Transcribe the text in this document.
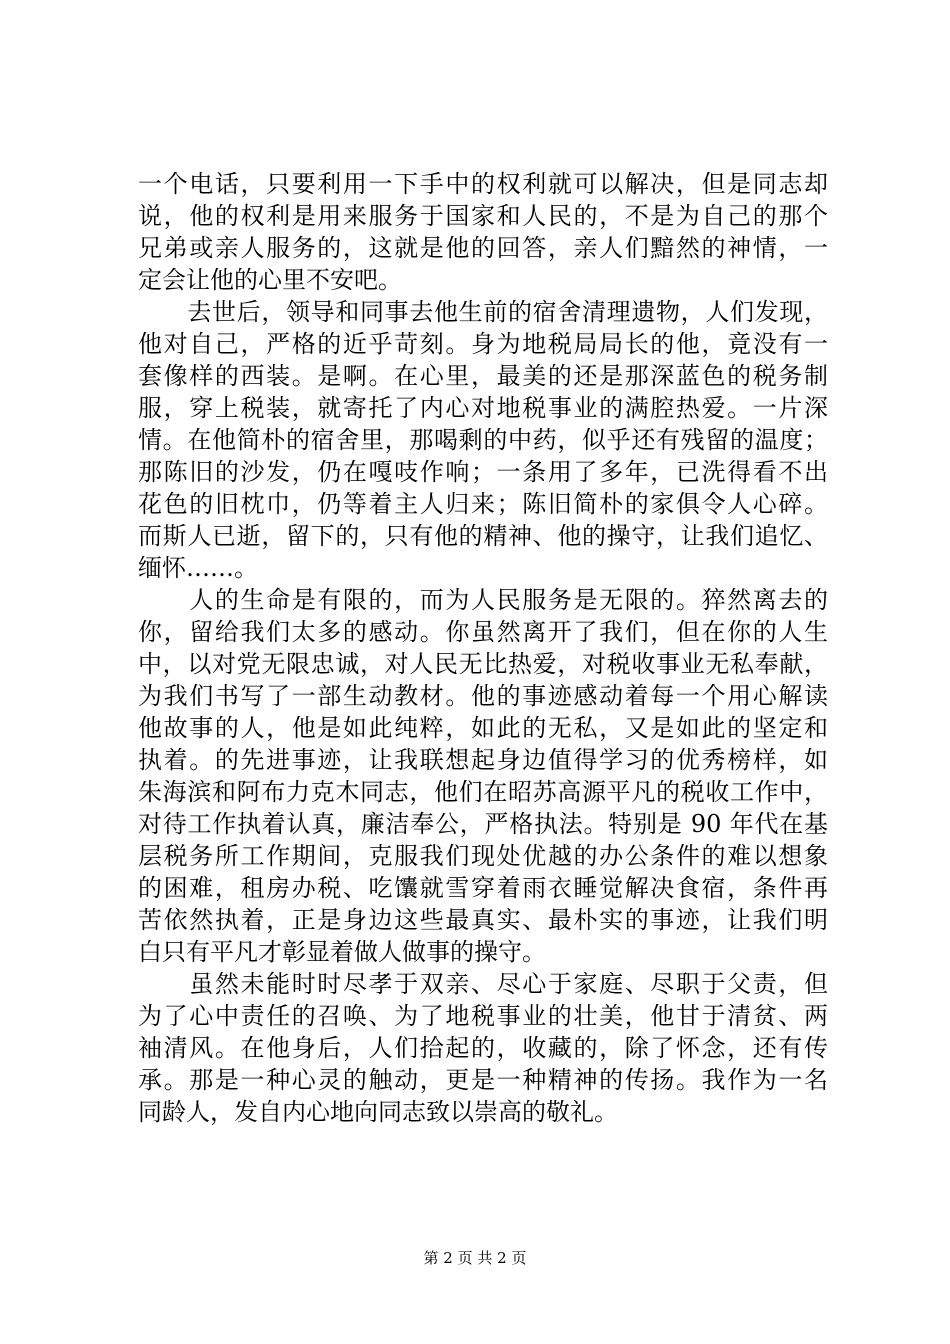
一个电话，只要利用一下手中的权利就可以解决，但是同志却
说，他的权利是用来服务于国家和人民的，不是为自己的那个
兄弟或亲人服务的，这就是他的回答，亲人们黯然的神情，一
定会让他的心里不安吧。
　　去世后，领导和同事去他生前的宿舍清理遗物，人们发现，
他对自己，严格的近乎苛刻。身为地税局局长的他，竟没有一
套像样的西装。是啊。在心里，最美的还是那深蓝色的税务制
服，穿上税装，就寄托了内心对地税事业的满腔热爱。一片深
情。在他简朴的宿舍里，那喝剩的中药，似乎还有残留的温度；
那陈旧的沙发，仍在嘎吱作响；一条用了多年，已洗得看不出
花色的旧枕巾，仍等着主人归来；陈旧简朴的家俱令人心碎。
而斯人已逝，留下的，只有他的精神、他的操守，让我们追忆、
缅怀……。
　　人的生命是有限的，而为人民服务是无限的。猝然离去的
你，留给我们太多的感动。你虽然离开了我们，但在你的人生
中，以对党无限忠诚，对人民无比热爱，对税收事业无私奉献，
为我们书写了一部生动教材。他的事迹感动着每一个用心解读
他故事的人，他是如此纯粹，如此的无私，又是如此的坚定和
执着。的先进事迹，让我联想起身边值得学习的优秀榜样，如
朱海滨和阿布力克木同志，他们在昭苏高源平凡的税收工作中，
对待工作执着认真，廉洁奉公，严格执法。特别是 90 年代在基
层税务所工作期间，克服我们现处优越的办公条件的难以想象
的困难，租房办税、吃馕就雪穿着雨衣睡觉解决食宿，条件再
苦依然执着，正是身边这些最真实、最朴实的事迹，让我们明
白只有平凡才彰显着做人做事的操守。
　　虽然未能时时尽孝于双亲、尽心于家庭、尽职于父责，但
为了心中责任的召唤、为了地税事业的壮美，他甘于清贫、两
袖清风。在他身后，人们拾起的，收藏的，除了怀念，还有传
承。那是一种心灵的触动，更是一种精神的传扬。我作为一名
同龄人，发自内心地向同志致以崇高的敬礼。
第 2 页 共 2 页
